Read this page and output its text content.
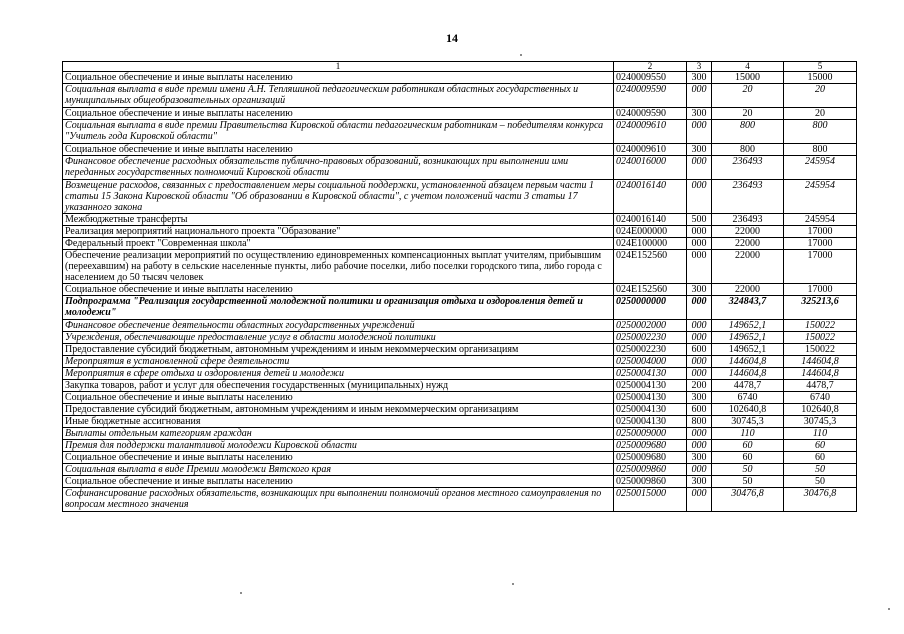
14
1	2	3	4	5
Социальное обеспечение и иные выплаты населению	0240009550	300	15000	15000
Социальная выплата в виде премии имени А.Н. Тепляшиной педагогическим работникам областных государственных и муниципальных общеобразовательных организаций	0240009590	000	20	20
Социальное обеспечение и иные выплаты населению	0240009590	300	20	20
Социальная выплата в виде премии Правительства Кировской области педагогическим работникам – победителям конкурса "Учитель года Кировской области"	0240009610	000	800	800
Социальное обеспечение и иные выплаты населению	0240009610	300	800	800
Финансовое обеспечение расходных обязательств публично-правовых образований, возникающих при выполнении ими переданных государственных полномочий Кировской области	0240016000	000	236493	245954
Возмещение расходов, связанных с предоставлением меры социальной поддержки, установленной абзацем первым части 1 статьи 15 Закона Кировской области "Об образовании в Кировской области", с учетом положений части 3 статьи 17 указанного закона	0240016140	000	236493	245954
Межбюджетные трансферты	0240016140	500	236493	245954
Реализация мероприятий национального проекта "Образование"	024E000000	000	22000	17000
Федеральный проект "Современная школа"	024E100000	000	22000	17000
Обеспечение реализации мероприятий по осуществлению единовременных компенсационных выплат учителям, прибывшим (переехавшим) на работу в сельские населенные пункты, либо рабочие поселки, либо поселки городского типа, либо города с населением до 50 тысяч человек	024E152560	000	22000	17000
Социальное обеспечение и иные выплаты населению	024E152560	300	22000	17000
Подпрограмма "Реализация государственной молодежной политики и организация отдыха и оздоровления детей и молодежи"	0250000000	000	324843,7	325213,6
Финансовое обеспечение деятельности областных государственных учреждений	0250002000	000	149652,1	150022
Учреждения, обеспечивающие предоставление услуг в области молодежной политики	0250002230	000	149652,1	150022
Предоставление субсидий бюджетным, автономным учреждениям и иным некоммерческим организациям	0250002230	600	149652,1	150022
Мероприятия в установленной сфере деятельности	0250004000	000	144604,8	144604,8
Мероприятия в сфере отдыха и оздоровления детей и молодежи	0250004130	000	144604,8	144604,8
Закупка товаров, работ и услуг для обеспечения государственных (муниципальных) нужд	0250004130	200	4478,7	4478,7
Социальное обеспечение и иные выплаты населению	0250004130	300	6740	6740
Предоставление субсидий бюджетным, автономным учреждениям и иным некоммерческим организациям	0250004130	600	102640,8	102640,8
Иные бюджетные ассигнования	0250004130	800	30745,3	30745,3
Выплаты отдельным категориям граждан	0250009000	000	110	110
Премия для поддержки талантливой молодежи Кировской области	0250009680	000	60	60
Социальное обеспечение и иные выплаты населению	0250009680	300	60	60
Социальная выплата в виде Премии молодежи Вятского края	0250009860	000	50	50
Социальное обеспечение и иные выплаты населению	0250009860	300	50	50
Софинансирование расходных обязательств, возникающих при выполнении полномочий органов местного самоуправления по вопросам местного значения	0250015000	000	30476,8	30476,8
